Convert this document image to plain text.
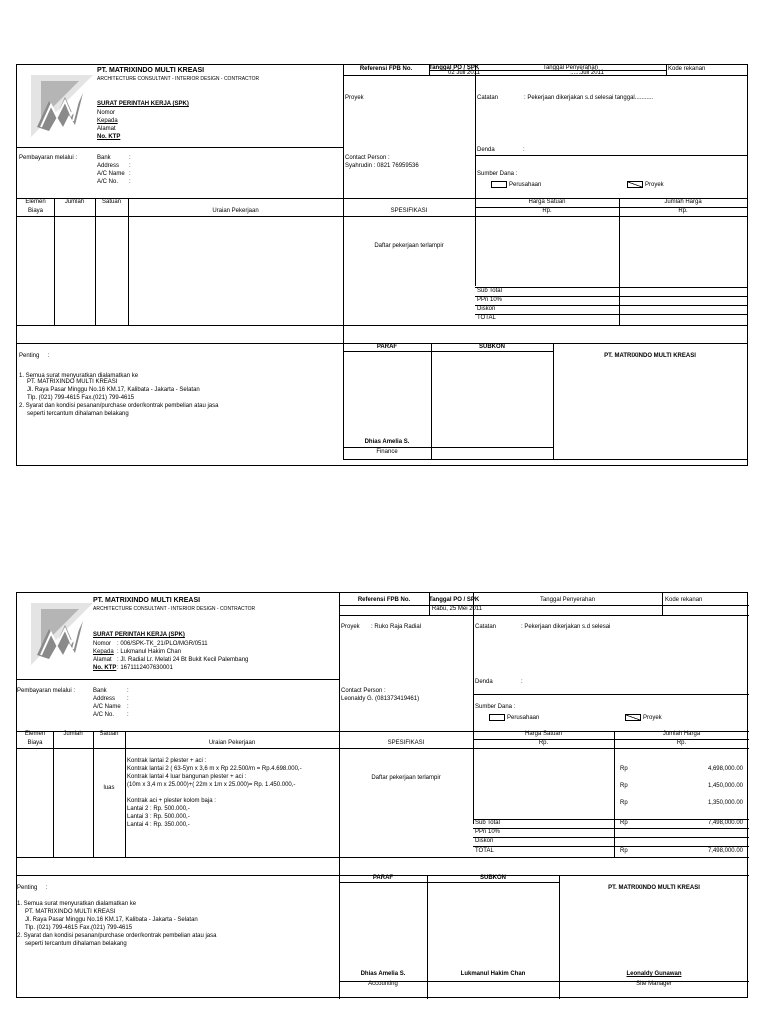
PT. MATRIXINDO MULTI KREASI
ARCHITECTURE CONSULTANT - INTERIOR DESIGN - CONTRACTOR
SURAT PERINTAH KERJA (SPK)
Nomor
Kepada
Alamat
No. KTP
Referensi FPB No.	Tanggal PO / SPK
02 Juli 2011
Tanggal Penyerahan
......Juli 2011
Kode rekanan
Proyek	Catatan	: Pekerjaan dikerjakan s.d selesai tanggal...........
Denda	:
Pembayaran melalui :	Bank	:
Address :
A/C Name :
A/C No. :
Contact Person :
Syahrudin : 0821 76959536
Sumber Dana :
Perusahaan	Proyek
Elemen
Biaya
Jumlah	Satuan
Uraian Pekerjaan	SPESIFIKASI
Harga Satuan
Rp.
Jumlah Harga
Rp.
Daftar pekerjaan terlampir
Sub Total
PPn 10%
Diskon
TOTAL
PARAF	SUBKON
PT. MATRIXINDO MULTI KREASI
Dhias Amelia S.
Finance
Penting :
1. Semua surat menyuratkan dialamatkan ke
PT. MATRIXINDO MULTI KREASI
Jl. Raya Pasar Minggu No.16 KM.17, Kalibata - Jakarta - Selatan
Tlp. (021) 799-4615 Fax.(021) 799-4615
2. Syarat dan kondisi pesanan/purchase order/kontrak pembelian atau jasa
seperti tercantum dihalaman belakang
PT. MATRIXINDO MULTI KREASI
ARCHITECTURE CONSULTANT - INTERIOR DESIGN - CONTRACTOR
SURAT PERINTAH KERJA (SPK)
Nomor : 006/SPK-TK_21/PLO/MGR/0511
Kepada : Lukmanul Hakim Chan
Alamat : Jl. Radial Lr. Melati 24 Bt Bukit Kecil Palembang
No. KTP : 1671112407630001
Referensi FPB No.	Tanggal PO / SPK
Rabu, 25 Mei 2011
Tanggal Penyerahan	Kode rekanan
Proyek : Ruko Raja Radial	Catatan	: Pekerjaan dikerjakan s.d selesai
Denda	:
Pembayaran melalui :	Bank	:
Address :
A/C Name :
A/C No. :
Contact Person :
Leonaldy G. (081373419461)
Sumber Dana :
Perusahaan	Proyek
Elemen
Biaya
Jumlah	Satuan
Uraian Pekerjaan	SPESIFIKASI
Harga Satuan
Rp.
Jumlah Harga
Rp.
luas
Kontrak lantai 2 plester + aci :
Kontrak lantai 2 ( 63-5)m x 3,6 m x Rp 22.500/m = Rp.4.698.000,-
Kontrak lantai 4 luar bangunan plester + aci :
(10m x 3,4 m x 25.000)+( 22m x 1m x 25.000)= Rp. 1.450.000,-
Kontrak aci + plester kolom baja :
Lantai 2 : Rp. 500.000,-
Lantai 3 : Rp. 500.000,-
Lantai 4 : Rp. 350.000,-
Daftar pekerjaan terlampir
Rp	4,698,000.00
Rp	1,450,000.00
Rp	1,350,000.00
Sub Total	Rp	7,498,000.00
PPn 10%
Diskon
TOTAL	Rp	7,498,000.00
PARAF	SUBKON
PT. MATRIXINDO MULTI KREASI
Dhias Amelia S.
Accounting
Lukmanul Hakim Chan	Leonaldy Gunawan
Site Manager
Penting :
1. Semua surat menyuratkan dialamatkan ke
PT. MATRIXINDO MULTI KREASI
Jl. Raya Pasar Minggu No.16 KM.17, Kalibata - Jakarta - Selatan
Tlp. (021) 799-4615 Fax.(021) 799-4615
2. Syarat dan kondisi pesanan/purchase order/kontrak pembelian atau jasa
seperti tercantum dihalaman belakang
